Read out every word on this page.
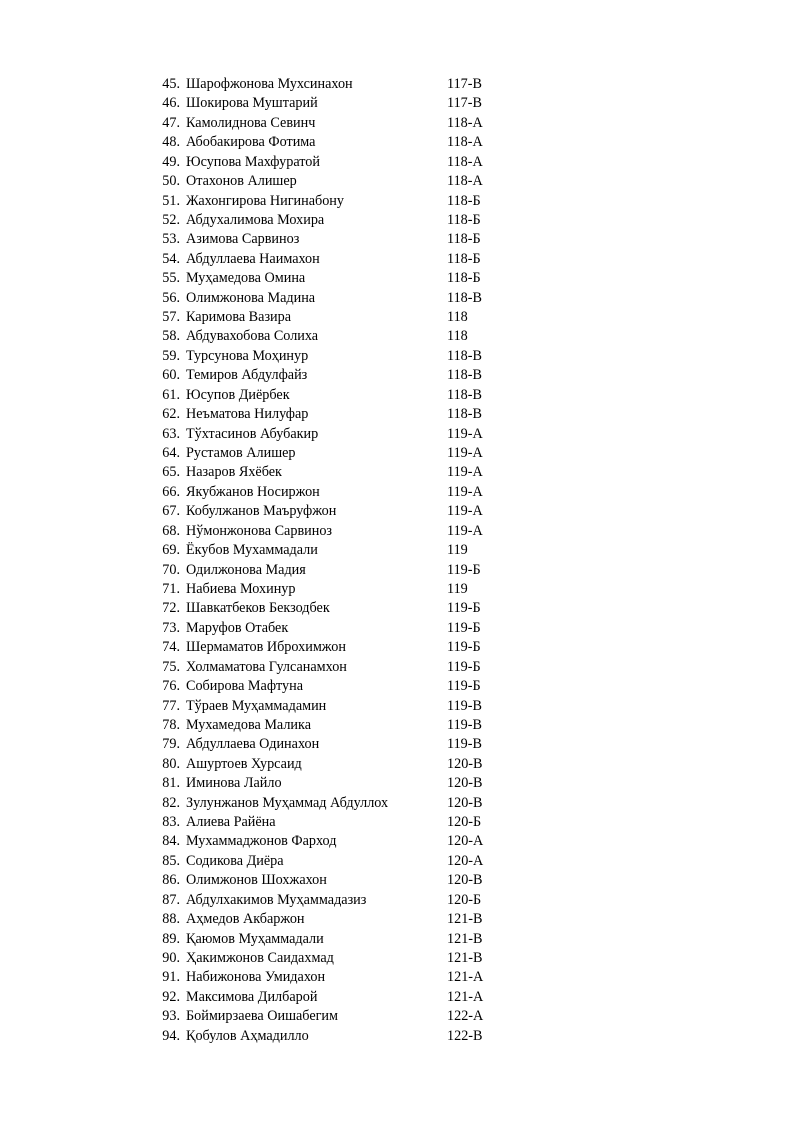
45. Шарофжонова Мухсинахон	117-В
46. Шокирова Муштарий	117-В
47. Камолиднова Севинч	118-А
48. Абобакирова Фотима	118-А
49. Юсупова Махфуратой	118-А
50. Отахонов Алишер	118-А
51. Жахонгирова Нигинабону	118-Б
52. Абдухалимова Мохира	118-Б
53. Азимова Сарвиноз	118-Б
54. Абдуллаева Наимахон	118-Б
55. Муҳамедова Омина	118-Б
56. Олимжонова Мадина	118-В
57. Каримова Вазира	118
58. Абдувахобова Солиха	118
59. Турсунова Моҳинур	118-В
60. Темиров Абдулфайз	118-В
61. Юсупов Диёрбек	118-В
62. Неъматова Нилуфар	118-В
63. Тўхтасинов Абубакир	119-А
64. Рустамов Алишер	119-А
65. Назаров Яхёбек	119-А
66. Якубжанов Носиржон	119-А
67. Кобулжанов Маъруфжон	119-А
68. Нўмонжонова Сарвиноз	119-А
69. Ёкубов Мухаммадали	119
70. Одилжонова Мадия	119-Б
71. Набиева Мохинур	119
72. Шавкатбеков Бекзодбек	119-Б
73. Маруфов Отабек	119-Б
74. Шермаматов Иброхимжон	119-Б
75. Холмаматова Гулсанамхон	119-Б
76. Собирова Мафтуна	119-Б
77. Тўраев Муҳаммадамин	119-В
78. Мухамедова Малика	119-В
79. Абдуллаева Одинахон	119-В
80. Ашуртоев Хурсаид	120-В
81. Иминова Лайло	120-В
82. Зулунжанов Муҳаммад Абдуллох	120-В
83. Алиева Райёна	120-Б
84. Мухаммаджонов Фарход	120-А
85. Содикова Диёра	120-А
86. Олимжонов Шохжахон	120-В
87. Абдулхакимов Муҳаммадазиз	120-Б
88. Аҳмедов Акбаржон	121-В
89. Қаюмов Муҳаммадали	121-В
90. Ҳакимжонов Саидахмад	121-В
91. Набижонова Умидахон	121-А
92. Максимова Дилбарой	121-А
93. Боймирзаева Оишабегим	122-А
94. Қобулов Аҳмадилло	122-В
